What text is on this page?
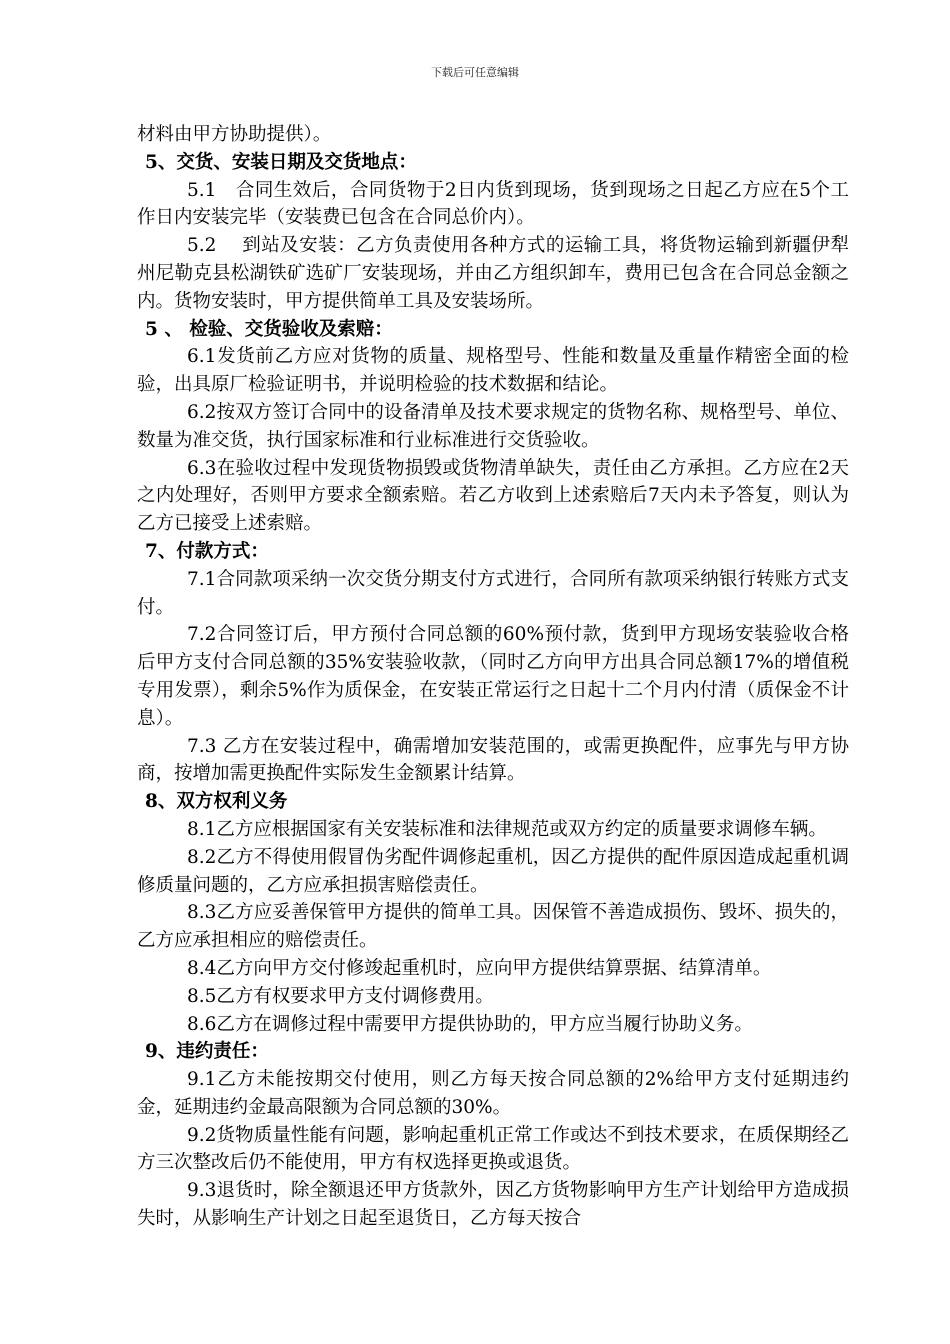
下载后可任意编辑

材料由甲方协助提供）。

5、交货、安装日期及交货地点：

5.1　合同生效后，合同货物于2日内货到现场，货到现场之日起乙方应在5个工作日内安装完毕（安装费已包含在合同总价内）。

5.2　 到站及安装：乙方负责使用各种方式的运输工具，将货物运输到新疆伊犁州尼勒克县松湖铁矿选矿厂安装现场，并由乙方组织卸车，费用已包含在合同总金额之内。货物安装时，甲方提供简单工具及安装场所。

5 、 检验、交货验收及索赔：

6.1发货前乙方应对货物的质量、规格型号、性能和数量及重量作精密全面的检验，出具原厂检验证明书，并说明检验的技术数据和结论。

6.2按双方签订合同中的设备清单及技术要求规定的货物名称、规格型号、单位、数量为准交货，执行国家标准和行业标准进行交货验收。

6.3在验收过程中发现货物损毁或货物清单缺失，责任由乙方承担。乙方应在2天之内处理好，否则甲方要求全额索赔。若乙方收到上述索赔后7天内未予答复，则认为乙方已接受上述索赔。

7、付款方式：

7.1合同款项采纳一次交货分期支付方式进行，合同所有款项采纳银行转账方式支付。

7.2合同签订后，甲方预付合同总额的60%预付款，货到甲方现场安装验收合格后甲方支付合同总额的35%安装验收款，（同时乙方向甲方出具合同总额17%的增值税专用发票），剩余5%作为质保金，在安装正常运行之日起十二个月内付清（质保金不计息）。

7.3 乙方在安装过程中，确需增加安装范围的，或需更换配件，应事先与甲方协商，按增加需更换配件实际发生金额累计结算。

8、双方权利义务

8.1乙方应根据国家有关安装标准和法律规范或双方约定的质量要求调修车辆。

8.2乙方不得使用假冒伪劣配件调修起重机，因乙方提供的配件原因造成起重机调修质量问题的，乙方应承担损害赔偿责任。

8.3乙方应妥善保管甲方提供的简单工具。因保管不善造成损伤、毁坏、损失的，乙方应承担相应的赔偿责任。

8.4乙方向甲方交付修竣起重机时，应向甲方提供结算票据、结算清单。

8.5乙方有权要求甲方支付调修费用。

8.6乙方在调修过程中需要甲方提供协助的，甲方应当履行协助义务。

9、违约责任：

9.1乙方未能按期交付使用，则乙方每天按合同总额的2%给甲方支付延期违约金，延期违约金最高限额为合同总额的30%。

9.2货物质量性能有问题，影响起重机正常工作或达不到技术要求，在质保期经乙方三次整改后仍不能使用，甲方有权选择更换或退货。

9.3退货时，除全额退还甲方货款外，因乙方货物影响甲方生产计划给甲方造成损失时，从影响生产计划之日起至退货日，乙方每天按合
